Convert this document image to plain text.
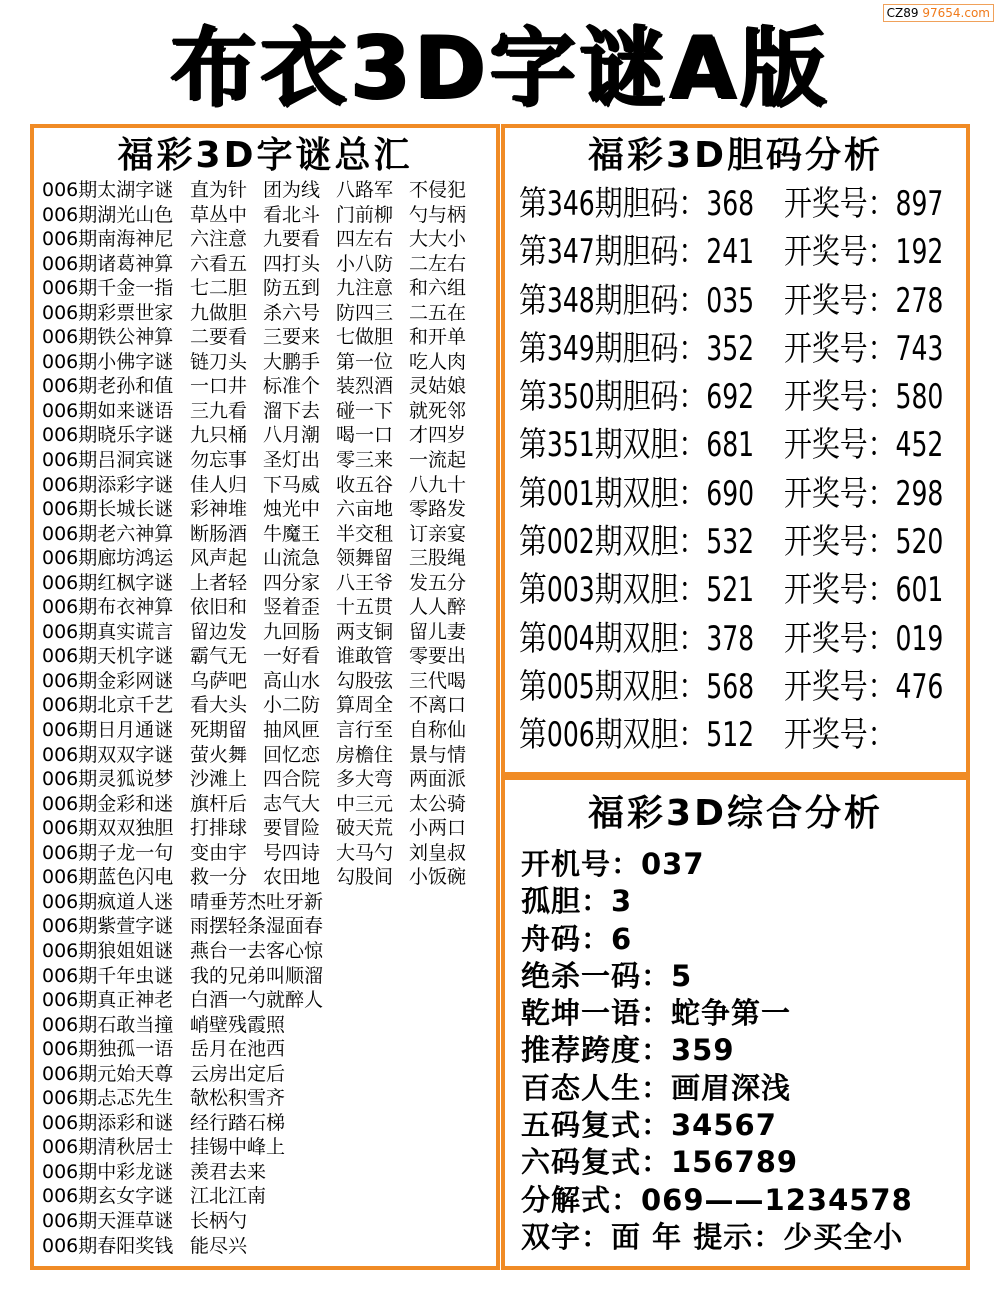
CZ89 97654.com
布衣3D字谜A版
福彩3D字谜总汇
006期太湖字谜 直为针 团为线 八路军 不侵犯
006期湖光山色 草丛中 看北斗 门前柳 勺与柄
006期南海神尼 六注意 九要看 四左右 大大小
006期诸葛神算 六看五 四打头 小八防 二左右
006期千金一指 七二胆 防五到 九注意 和六组
006期彩票世家 九做胆 杀六号 防四三 二五在
006期铁公神算 二要看 三要来 七做胆 和开单
006期小佛字谜 链刀头 大鹏手 第一位 吃人肉
006期老孙和值 一口井 标准个 装烈酒 灵姑娘
006期如来谜语 三九看 溜下去 碰一下 就死邻
006期晓乐字谜 九只桶 八月潮 喝一口 才四岁
006期吕洞宾谜 勿忘事 圣灯出 零三来 一流起
006期添彩字谜 佳人归 下马威 收五谷 八九十
006期长城长谜 彩神堆 烛光中 六亩地 零路发
006期老六神算 断肠酒 牛魔王 半交租 订亲宴
006期廊坊鸿运 风声起 山流急 领舞留 三股绳
006期红枫字谜 上者轻 四分家 八王爷 发五分
006期布衣神算 依旧和 竖着歪 十五贯 人人醉
006期真实谎言 留边发 九回肠 两支铜 留儿妻
006期天机字谜 霸气无 一好看 谁敢管 零要出
006期金彩网谜 乌萨吧 高山水 勾股弦 三代喝
006期北京千艺 看大头 小二防 算周全 不离口
006期日月通谜 死期留 抽风匣 言行至 自称仙
006期双双字谜 萤火舞 回忆恋 房檐住 景与情
006期灵狐说梦 沙滩上 四合院 多大弯 两面派
006期金彩和迷 旗杆后 志气大 中三元 太公骑
006期双双独胆 打排球 要冒险 破天荒 小两口
006期子龙一句 变由宇 号四诗 大马勺 刘皇叔
006期蓝色闪电 救一分 农田地 勾股间 小饭碗
006期疯道人迷 晴垂芳杰吐牙新
006期紫萱字谜 雨摆轻条湿面春
006期狼姐姐谜 燕台一去客心惊
006期千年虫谜 我的兄弟叫顺溜
006期真正神老 白酒一勺就醉人
006期石敢当撞 峭壁残霞照
006期独孤一语 岳月在池西
006期元始天尊 云房出定后
006期忐忑先生 欹松积雪齐
006期添彩和谜 经行踏石梯
006期清秋居士 挂锡中峰上
006期中彩龙谜 羡君去来
006期玄女字谜 江北江南
006期天涯草谜 长柄勺
006期春阳奖钱 能尽兴
福彩3D胆码分析
第346期胆码：368 开奖号：897
第347期胆码：241 开奖号：192
第348期胆码：035 开奖号：278
第349期胆码：352 开奖号：743
第350期胆码：692 开奖号：580
第351期双胆：681 开奖号：452
第001期双胆：690 开奖号：298
第002期双胆：532 开奖号：520
第003期双胆：521 开奖号：601
第004期双胆：378 开奖号：019
第005期双胆：568 开奖号：476
第006期双胆：512 开奖号：
福彩3D综合分析
开机号：037
孤胆：3
舟码：6
绝杀一码：5
乾坤一语：蛇争第一
推荐跨度：359
百态人生：画眉深浅
五码复式：34567
六码复式：156789
分解式：069——1234578
双字：面 年 提示：少买全小
